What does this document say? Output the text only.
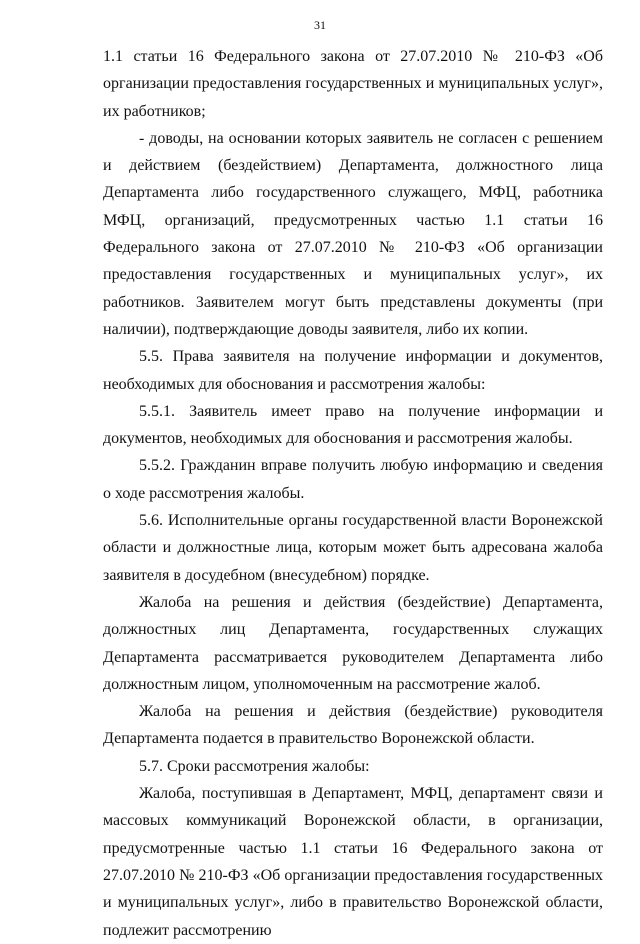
31

1.1 статьи 16 Федерального закона от 27.07.2010 № 210-ФЗ «Об организации предоставления государственных и муниципальных услуг», их работников;

- доводы, на основании которых заявитель не согласен с решением и действием (бездействием) Департамента, должностного лица Департамента либо государственного служащего, МФЦ, работника МФЦ, организаций, предусмотренных частью 1.1 статьи 16 Федерального закона от 27.07.2010 № 210-ФЗ «Об организации предоставления государственных и муниципальных услуг», их работников. Заявителем могут быть представлены документы (при наличии), подтверждающие доводы заявителя, либо их копии.

5.5. Права заявителя на получение информации и документов, необходимых для обоснования и рассмотрения жалобы:

5.5.1. Заявитель имеет право на получение информации и документов, необходимых для обоснования и рассмотрения жалобы.

5.5.2. Гражданин вправе получить любую информацию и сведения о ходе рассмотрения жалобы.

5.6. Исполнительные органы государственной власти Воронежской области и должностные лица, которым может быть адресована жалоба заявителя в досудебном (внесудебном) порядке.

Жалоба на решения и действия (бездействие) Департамента, должностных лиц Департамента, государственных служащих Департамента рассматривается руководителем Департамента либо должностным лицом, уполномоченным на рассмотрение жалоб.

Жалоба на решения и действия (бездействие) руководителя Департамента подается в правительство Воронежской области.

5.7. Сроки рассмотрения жалобы:

Жалоба, поступившая в Департамент, МФЦ, департамент связи и массовых коммуникаций Воронежской области, в организации, предусмотренные частью 1.1 статьи 16 Федерального закона от 27.07.2010 № 210-ФЗ «Об организации предоставления государственных и муниципальных услуг», либо в правительство Воронежской области, подлежит рассмотрению
